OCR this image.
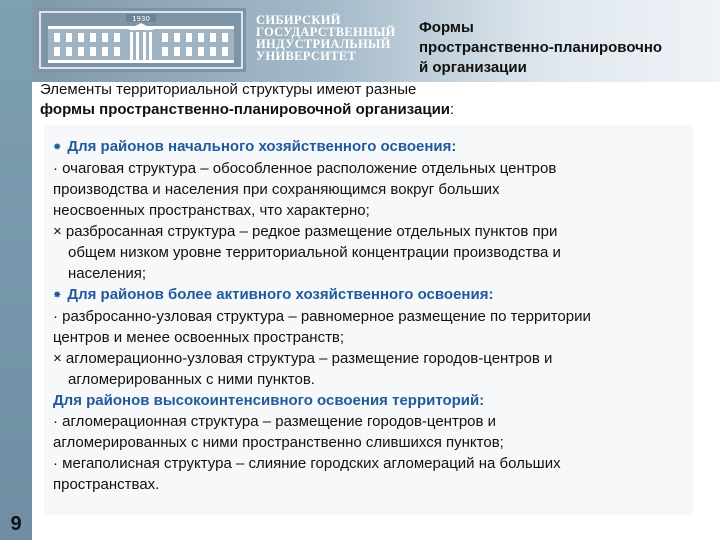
1930	СИБИРСКИЙ
ГОСУДАРСТВЕННЫЙ
ИНДУСТРИАЛЬНЫЙ
УНИВЕРСИТЕТ
Формы
пространственно-планировочно
й организации
Элементы территориальной структуры имеют разные
формы пространственно-планировочной организации:
✸ Для районов начального хозяйственного освоения:
· очаговая структура – обособленное расположение отдельных центров
производства и населения при сохраняющимся вокруг больших
неосвоенных пространствах, что характерно;
× разбросанная структура – редкое размещение отдельных пунктов при
общем низком уровне территориальной концентрации производства и
населения;
✸ Для районов более активного хозяйственного освоения:
· разбросанно-узловая структура – равномерное размещение по территории
центров и менее освоенных пространств;
× агломерационно-узловая структура – размещение городов-центров и
агломерированных с ними пунктов.
Для районов высокоинтенсивного освоения территорий:
· агломерационная структура – размещение городов-центров и
агломерированных с ними пространственно слившихся пунктов;
· мегаполисная структура – слияние городских агломераций на больших
пространствах.
9
